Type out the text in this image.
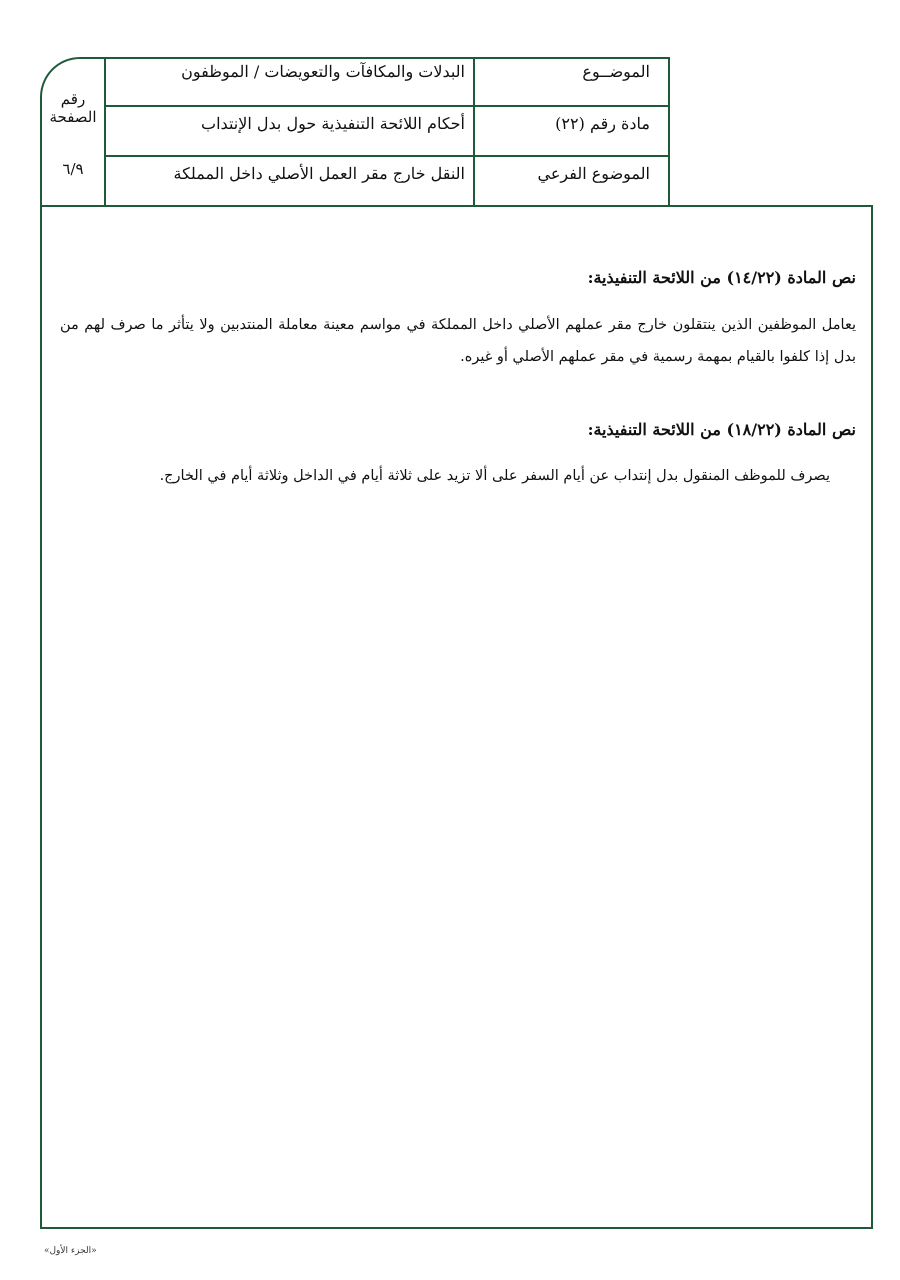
رقم
الصفحة
٦/٩
الموضــوع
البدلات والمكافآت والتعويضات / الموظفون
مادة رقم (٢٢)
أحكام اللائحة التنفيذية حول بدل الإنتداب
الموضوع الفرعي
النقل خارج مقر العمل الأصلي داخل المملكة
نص المادة (١٤/٢٢) من اللائحة التنفيذية:
يعامل الموظفين الذين ينتقلون خارج مقر عملهم الأصلي داخل المملكة في مواسم معينة معاملة المنتدبين ولا يتأثر ما صرف لهم من بدل إذا كلفوا بالقيام بمهمة رسمية في مقر عملهم الأصلي أو غيره.
نص المادة (١٨/٢٢) من اللائحة التنفيذية:
يصرف للموظف المنقول بدل إنتداب عن أيام السفر على ألا تزيد على ثلاثة أيام في الداخل وثلاثة أيام في الخارج.
«الجزء الأول»
